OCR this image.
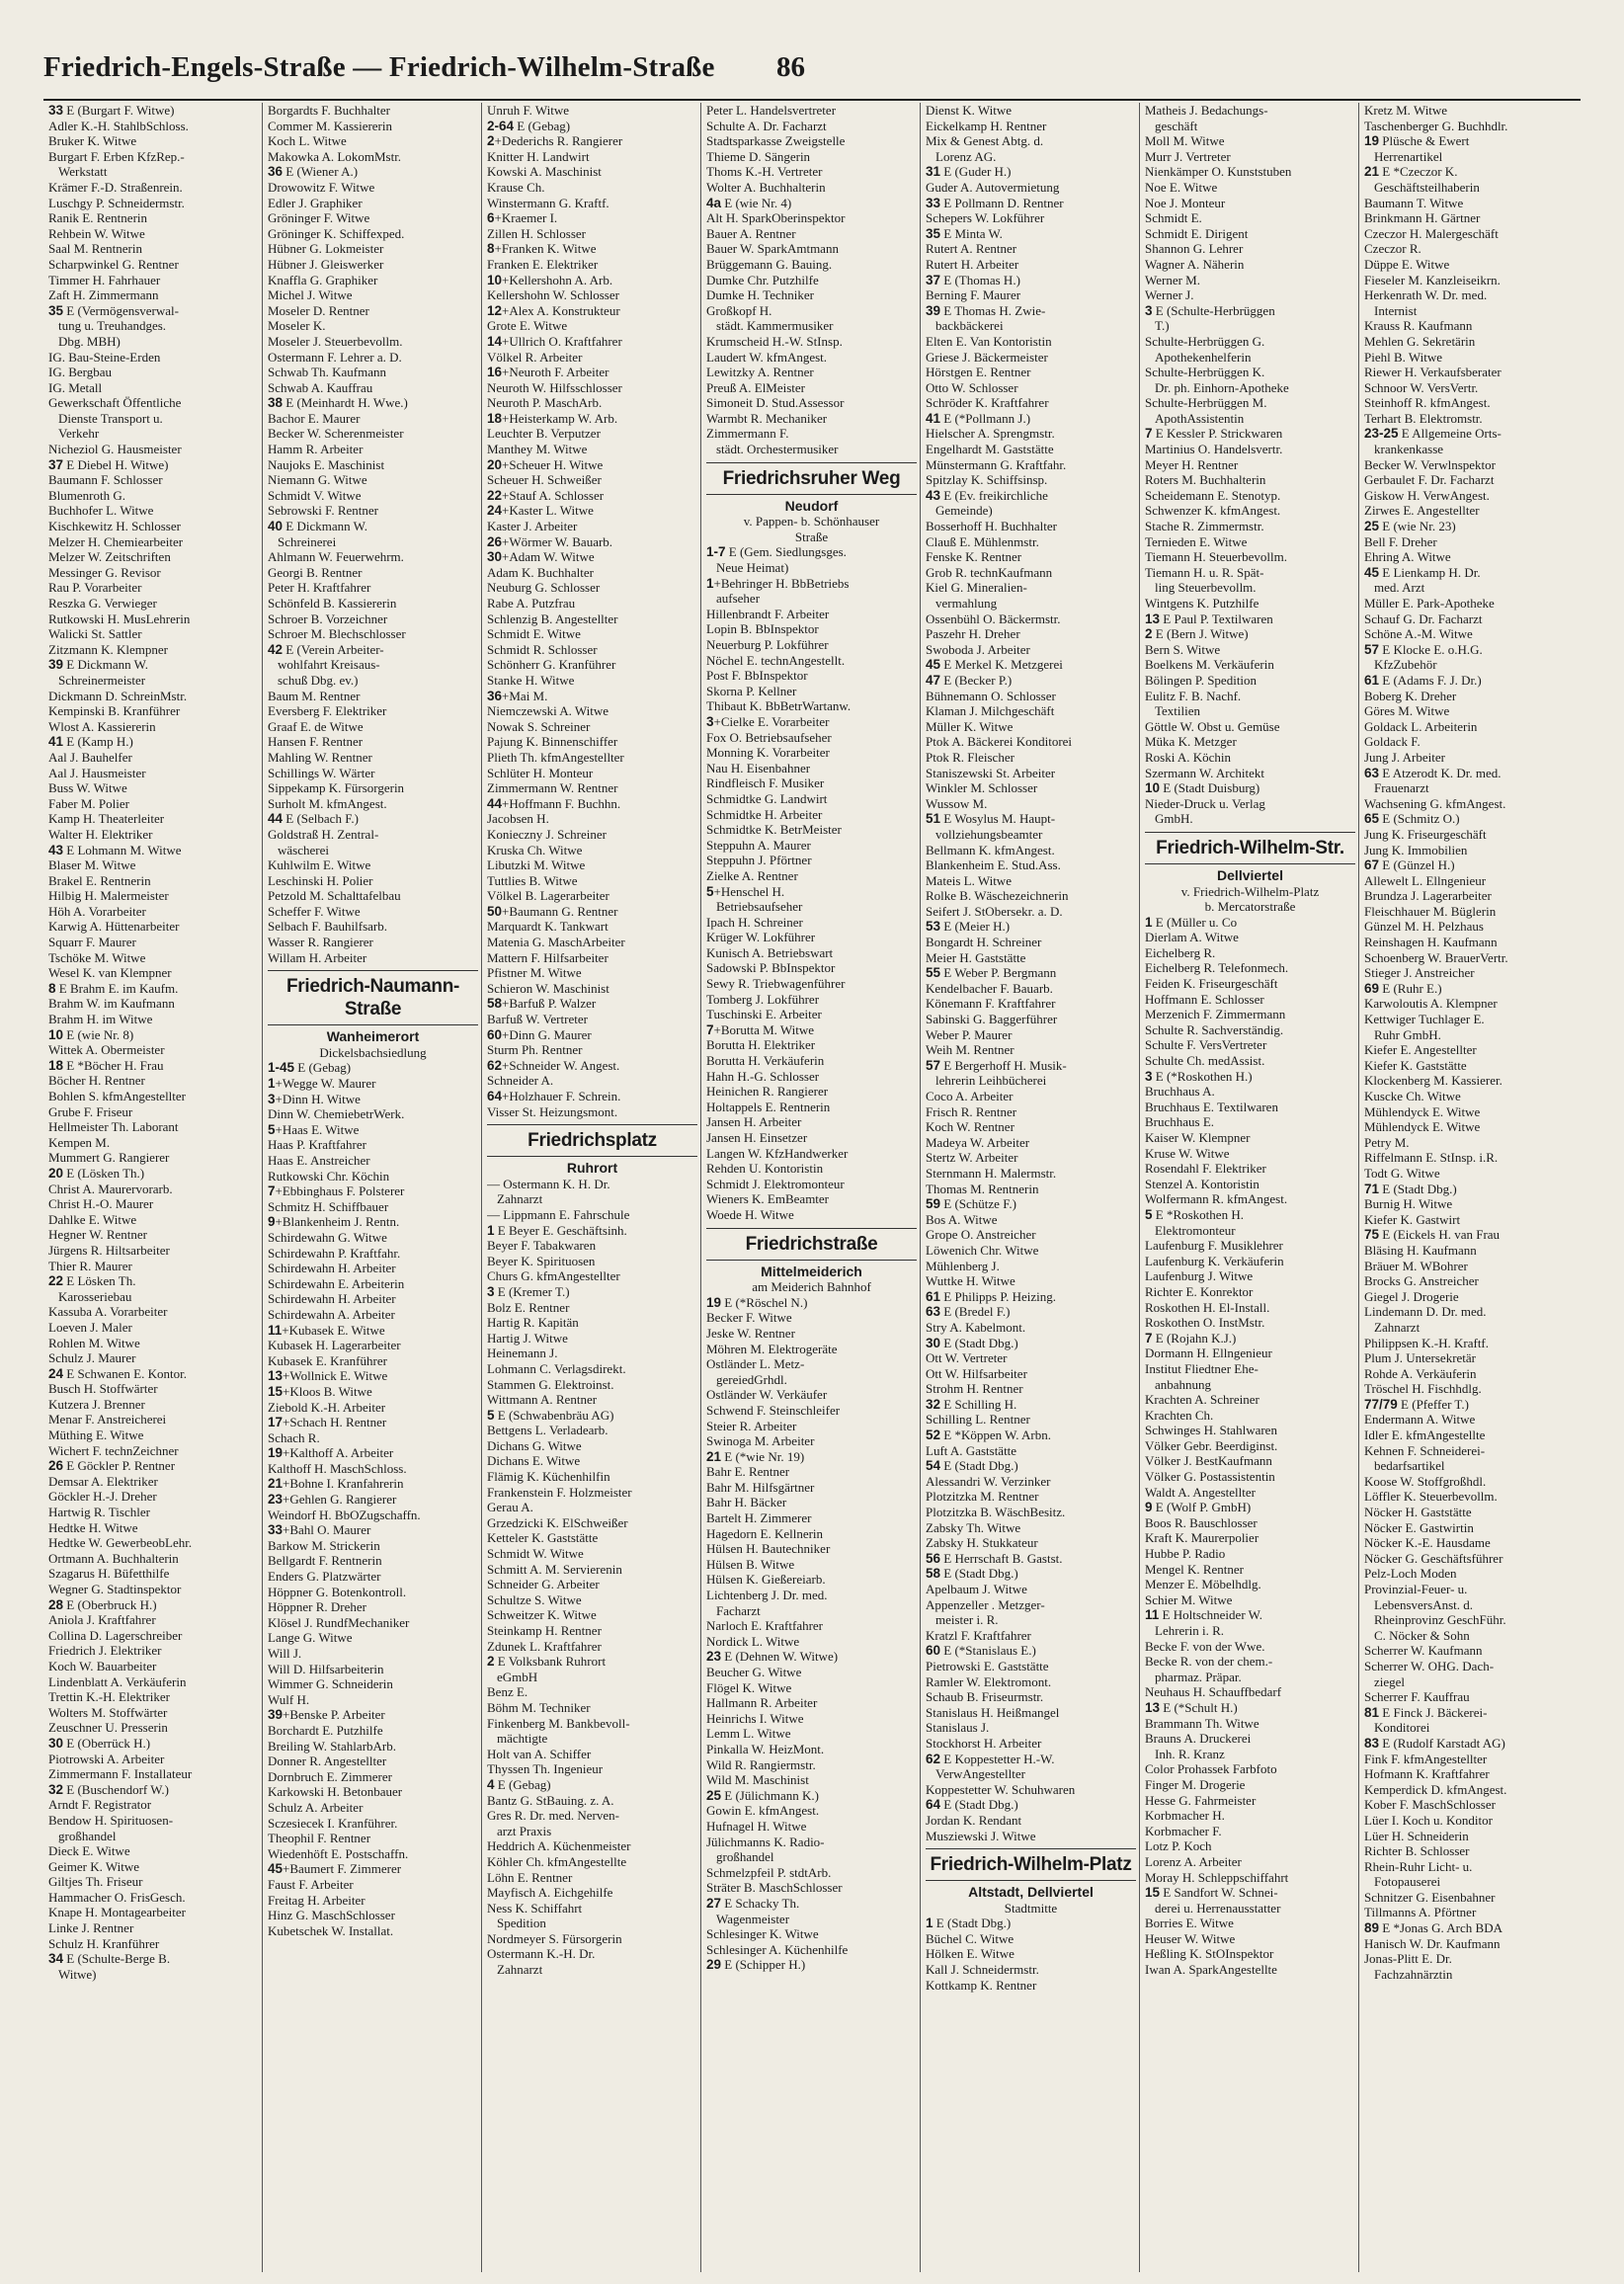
Friedrich-Engels-Straße — Friedrich-Wilhelm-Straße 86
33 E (Burgart F. Witwe)
Adler K.-H. StahlbSchloss.
Bruker K. Witwe
Burgart F. Erben KfzRep.-
Werkstatt
Krämer F.-D. Straßenrein.
Luschgy P. Schneidermstr.
Ranik E. Rentnerin
Rehbein W. Witwe
Saal M. Rentnerin
Scharpwinkel G. Rentner
Timmer H. Fahrhauer
Zaft H. Zimmermann
35 E (Vermögensverwal-
tung u. Treuhandges.
Dbg. MBH)
IG. Bau-Steine-Erden
IG. Bergbau
IG. Metall
Gewerkschaft Öffentliche
Dienste Transport u.
Verkehr
Nicheziol G. Hausmeister
37 E Diebel H. Witwe)
Baumann F. Schlosser
Blumenroth G.
Buchhofer L. Witwe
Kischkewitz H. Schlosser
Melzer H. Chemiearbeiter
Melzer W. Zeitschriften
Messinger G. Revisor
Rau P. Vorarbeiter
Reszka G. Verwieger
Rutkowski H. MusLehrerin
Walicki St. Sattler
Zitzmann K. Klempner
39 E Dickmann W.
Schreinermeister
Dickmann D. SchreinMstr.
Kempinski B. Kranführer
Wlost A. Kassiererin
41 E (Kamp H.)
Aal J. Bauhelfer
Aal J. Hausmeister
Buss W. Witwe
Faber M. Polier
Kamp H. Theaterleiter
Walter H. Elektriker
43 E Lohmann M. Witwe
Blaser M. Witwe
Brakel E. Rentnerin
Hilbig H. Malermeister
Höh A. Vorarbeiter
Karwig A. Hüttenarbeiter
Squarr F. Maurer
Tschöke M. Witwe
Wesel K. van Klempner
8 E Brahm E. im Kaufm.
Brahm W. im Kaufmann
Brahm H. im Witwe
10 E (wie Nr. 8)
Wittek A. Obermeister
18 E *Böcher H. Frau
Böcher H. Rentner
Bohlen S. kfmAngestellter
Grube F. Friseur
Hellmeister Th. Laborant
Kempen M.
Mummert G. Rangierer
20 E (Lösken Th.)
Christ A. Maurervorarb.
Christ H.-O. Maurer
Dahlke E. Witwe
Hegner W. Rentner
Jürgens R. Hiltsarbeiter
Thier R. Maurer
22 E Lösken Th.
Karosseriebau
Kassuba A. Vorarbeiter
Loeven J. Maler
Rohlen M. Witwe
Schulz J. Maurer
24 E Schwanen E. Kontor.
Busch H. Stoffwärter
Kutzera J. Brenner
Menar F. Anstreicherei
Müthing E. Witwe
Wichert F. technZeichner
26 E Göckler P. Rentner
Demsar A. Elektriker
Göckler H.-J. Dreher
Hartwig R. Tischler
Hedtke H. Witwe
Hedtke W. GewerbeobLehr.
Ortmann A. Buchhalterin
Szagarus H. Büfetthilfe
Wegner G. Stadtinspektor
28 E (Oberbruck H.)
Aniola J. Kraftfahrer
Collina D. Lagerschreiber
Friedrich J. Elektriker
Koch W. Bauarbeiter
Lindenblatt A. Verkäuferin
Trettin K.-H. Elektriker
Wolters M. Stoffwärter
Zeuschner U. Presserin
30 E (Oberrück H.)
Piotrowski A. Arbeiter
Zimmermann F. Installateur
32 E (Buschendorf W.)
Arndt F. Registrator
Bendow H. Spirituosen-
großhandel
Dieck E. Witwe
Geimer K. Witwe
Giltjes Th. Friseur
Hammacher O. FrisGesch.
Knape H. Montagearbeiter
Linke J. Rentner
Schulz H. Kranführer
34 E (Schulte-Berge B.
Witwe)
Borgardts F. Buchhalter
Commer M. Kassiererin
Koch L. Witwe
Makowka A. LokomMstr.
36 E (Wiener A.)
Drowowitz F. Witwe
Edler J. Graphiker
Gröninger F. Witwe
Gröninger K. Schiffexped.
Hübner G. Lokmeister
Hübner J. Gleiswerker
Knaffla G. Graphiker
Michel J. Witwe
Moseler D. Rentner
Moseler K.
Moseler J. Steuerbevollm.
Ostermann F. Lehrer a. D.
Schwab Th. Kaufmann
Schwab A. Kauffrau
38 E (Meinhardt H. Wwe.)
Bachor E. Maurer
Becker W. Scherenmeister
Hamm R. Arbeiter
Naujoks E. Maschinist
Niemann G. Witwe
Schmidt V. Witwe
Sebrowski F. Rentner
40 E Dickmann W.
Schreinerei
Ahlmann W. Feuerwehrm.
Georgi B. Rentner
Peter H. Kraftfahrer
Schönfeld B. Kassiererin
Schroer B. Vorzeichner
Schroer M. Blechschlosser
42 E (Verein Arbeiter-
wohlfahrt Kreisaus-
schuß Dbg. ev.)
Baum M. Rentner
Eversberg F. Elektriker
Graaf E. de Witwe
Hansen F. Rentner
Mahling W. Rentner
Schillings W. Wärter
Sippekamp K. Fürsorgerin
Surholt M. kfmAngest.
44 E (Selbach F.)
Goldstraß H. Zentral-
wäscherei
Kuhlwilm E. Witwe
Leschinski H. Polier
Petzold M. Schalttafelbau
Scheffer F. Witwe
Selbach F. Bauhilfsarb.
Wasser R. Rangierer
Willam H. Arbeiter
Friedrich-Naumann-
Straße
Wanheimerort
Dickelsbachsiedlung
1-45 E (Gebag)
1+Wegge W. Maurer
3+Dinn H. Witwe
Dinn W. ChemiebetrWerk.
5+Haas E. Witwe
Haas P. Kraftfahrer
Haas E. Anstreicher
Rutkowski Chr. Köchin
7+Ebbinghaus F. Polsterer
Schmitz H. Schiffbauer
9+Blankenheim J. Rentn.
Schirdewahn G. Witwe
Schirdewahn P. Kraftfahr.
Schirdewahn H. Arbeiter
Schirdewahn E. Arbeiterin
Schirdewahn H. Arbeiter
Schirdewahn A. Arbeiter
11+Kubasek E. Witwe
Kubasek H. Lagerarbeiter
Kubasek E. Kranführer
13+Wollnick E. Witwe
15+Kloos B. Witwe
Ziebold K.-H. Arbeiter
17+Schach H. Rentner
Schach R.
19+Kalthoff A. Arbeiter
Kalthoff H. MaschSchloss.
21+Bohne I. Kranfahrerin
23+Gehlen G. Rangierer
Weindorf H. BbOZugschaffn.
33+Bahl O. Maurer
Barkow M. Strickerin
Bellgardt F. Rentnerin
Enders G. Platzwärter
Höppner G. Botenkontroll.
Höppner R. Dreher
Klösel J. RundfMechaniker
Lange G. Witwe
Will J.
Will D. Hilfsarbeiterin
Wimmer G. Schneiderin
Wulf H.
39+Benske P. Arbeiter
Borchardt E. Putzhilfe
Breiling W. StahlarbArb.
Donner R. Angestellter
Dornbruch E. Zimmerer
Karkowski H. Betonbauer
Schulz A. Arbeiter
Sczesiecek I. Kranführer.
Theophil F. Rentner
Wiedenhöft E. Postschaffn.
45+Baumert F. Zimmerer
Faust F. Arbeiter
Freitag H. Arbeiter
Hinz G. MaschSchlosser
Kubetschek W. Installat.
Unruh F. Witwe
2-64 E (Gebag)
2+Dederichs R. Rangierer
Knitter H. Landwirt
Kowski A. Maschinist
Krause Ch.
Winstermann G. Kraftf.
6+Kraemer I.
Zillen H. Schlosser
8+Franken K. Witwe
Franken E. Elektriker
10+Kellershohn A. Arb.
Kellershohn W. Schlosser
12+Alex A. Konstrukteur
Grote E. Witwe
14+Ullrich O. Kraftfahrer
Völkel R. Arbeiter
16+Neuroth F. Arbeiter
Neuroth W. Hilfsschlosser
Neuroth P. MaschArb.
18+Heisterkamp W. Arb.
Leuchter B. Verputzer
Manthey M. Witwe
20+Scheuer H. Witwe
Scheuer H. Schweißer
22+Stauf A. Schlosser
24+Kaster L. Witwe
Kaster J. Arbeiter
26+Wörmer W. Bauarb.
30+Adam W. Witwe
Adam K. Buchhalter
Neuburg G. Schlosser
Rabe A. Putzfrau
Schlenzig B. Angestellter
Schmidt E. Witwe
Schmidt R. Schlosser
Schönherr G. Kranführer
Stanke H. Witwe
36+Mai M.
Niemczewski A. Witwe
Nowak S. Schreiner
Pajung K. Binnenschiffer
Plieth Th. kfmAngestellter
Schlüter H. Monteur
Zimmermann W. Rentner
44+Hoffmann F. Buchhn.
Jacobsen H.
Konieczny J. Schreiner
Kruska Ch. Witwe
Libutzki M. Witwe
Tuttlies B. Witwe
Völkel B. Lagerarbeiter
50+Baumann G. Rentner
Marquardt K. Tankwart
Matenia G. MaschArbeiter
Mattern F. Hilfsarbeiter
Pfistner M. Witwe
Schieron W. Maschinist
58+Barfuß P. Walzer
Barfuß W. Vertreter
60+Dinn G. Maurer
Sturm Ph. Rentner
62+Schneider W. Angest.
Schneider A.
64+Holzhauer F. Schrein.
Visser St. Heizungsmont.
Friedrichsplatz
Ruhrort
— Ostermann K. H. Dr.
Zahnarzt
— Lippmann E. Fahrschule
1 E Beyer E. Geschäftsinh.
Beyer F. Tabakwaren
Beyer K. Spirituosen
Churs G. kfmAngestellter
3 E (Kremer T.)
Bolz E. Rentner
Hartig R. Kapitän
Hartig J. Witwe
Heinemann J.
Lohmann C. Verlagsdirekt.
Stammen G. Elektroinst.
Wittmann A. Rentner
5 E (Schwabenbräu AG)
Bettgens L. Verladearb.
Dichans G. Witwe
Dichans E. Witwe
Flämig K. Küchenhilfin
Frankenstein F. Holzmeister
Gerau A.
Grzedzicki K. ElSchweißer
Ketteler K. Gaststätte
Schmidt W. Witwe
Schmitt A. M. Servierenin
Schneider G. Arbeiter
Schultze S. Witwe
Schweitzer K. Witwe
Steinkamp H. Rentner
Zdunek L. Kraftfahrer
2 E Volksbank Ruhrort
eGmbH
Benz E.
Böhm M. Techniker
Finkenberg M. Bankbevoll-
mächtigte
Holt van A. Schiffer
Thyssen Th. Ingenieur
4 E (Gebag)
Bantz G. StBauing. z. A.
Gres R. Dr. med. Nerven-
arzt Praxis
Heddrich A. Küchenmeister
Köhler Ch. kfmAngestellte
Löhn E. Rentner
Mayfisch A. Eichgehilfe
Ness K. Schiffahrt
Spedition
Nordmeyer S. Fürsorgerin
Ostermann K.-H. Dr.
Zahnarzt
Peter L. Handelsvertreter
Schulte A. Dr. Facharzt
Stadtsparkasse Zweigstelle
Thieme D. Sängerin
Thoms K.-H. Vertreter
Wolter A. Buchhalterin
4a E (wie Nr. 4)
Alt H. SparkOberinspektor
Bauer A. Rentner
Bauer W. SparkAmtmann
Brüggemann G. Bauing.
Dumke Chr. Putzhilfe
Dumke H. Techniker
Großkopf H.
städt. Kammermusiker
Krumscheid H.-W. StInsp.
Laudert W. kfmAngest.
Lewitzky A. Rentner
Preuß A. ElMeister
Simoneit D. Stud.Assessor
Warmbt R. Mechaniker
Zimmermann F.
städt. Orchestermusiker
Friedrichsruher Weg
Neudorf
v. Pappen- b. Schönhauser
Straße
1-7 E (Gem. Siedlungsges.
Neue Heimat)
1+Behringer H. BbBetriebs
aufseher
Hillenbrandt F. Arbeiter
Lopin B. BbInspektor
Neuerburg P. Lokführer
Nöchel E. technAngestellt.
Post F. BbInspektor
Skorna P. Kellner
Thibaut K. BbBetrWartanw.
3+Cielke E. Vorarbeiter
Fox O. Betriebsaufseher
Monning K. Vorarbeiter
Nau H. Eisenbahner
Rindfleisch F. Musiker
Schmidtke G. Landwirt
Schmidtke H. Arbeiter
Schmidtke K. BetrMeister
Steppuhn A. Maurer
Steppuhn J. Pförtner
Zielke A. Rentner
5+Henschel H.
Betriebsaufseher
Ipach H. Schreiner
Krüger W. Lokführer
Kunisch A. Betriebswart
Sadowski P. BbInspektor
Sewy R. Triebwagenführer
Tomberg J. Lokführer
Tuschinski E. Arbeiter
7+Borutta M. Witwe
Borutta H. Elektriker
Borutta H. Verkäuferin
Hahn H.-G. Schlosser
Heinichen R. Rangierer
Holtappels E. Rentnerin
Jansen H. Arbeiter
Jansen H. Einsetzer
Langen W. KfzHandwerker
Rehden U. Kontoristin
Schmidt J. Elektromonteur
Wieners K. EmBeamter
Woede H. Witwe
Friedrichstraße
Mittelmeiderich
am Meiderich Bahnhof
19 E (*Röschel N.)
Becker F. Witwe
Jeske W. Rentner
Möhren M. Elektrogeräte
Ostländer L. Metz-
gereiedGrhdl.
Ostländer W. Verkäufer
Schwend F. Steinschleifer
Steier R. Arbeiter
Swinoga M. Arbeiter
21 E (*wie Nr. 19)
Bahr E. Rentner
Bahr M. Hilfsgärtner
Bahr H. Bäcker
Bartelt H. Zimmerer
Hagedorn E. Kellnerin
Hülsen H. Bautechniker
Hülsen B. Witwe
Hülsen K. Gießereiarb.
Lichtenberg J. Dr. med.
Facharzt
Narloch E. Kraftfahrer
Nordick L. Witwe
23 E (Dehnen W. Witwe)
Beucher G. Witwe
Flögel K. Witwe
Hallmann R. Arbeiter
Heinrichs I. Witwe
Lemm L. Witwe
Pinkalla W. HeizMont.
Wild R. Rangiermstr.
Wild M. Maschinist
25 E (Jülichmann K.)
Gowin E. kfmAngest.
Hufnagel H. Witwe
Jülichmanns K. Radio-
großhandel
Schmelzpfeil P. stdtArb.
Sträter B. MaschSchlosser
27 E Schacky Th.
Wagenmeister
Schlesinger K. Witwe
Schlesinger A. Küchenhilfe
29 E (Schipper H.)
Dienst K. Witwe
Eickelkamp H. Rentner
Mix & Genest Abtg. d.
Lorenz AG.
31 E (Guder H.)
Guder A. Autovermietung
33 E Pollmann D. Rentner
Schepers W. Lokführer
35 E Minta W.
Rutert A. Rentner
Rutert H. Arbeiter
37 E (Thomas H.)
Berning F. Maurer
39 E Thomas H. Zwie-
backbäckerei
Elten E. Van Kontoristin
Griese J. Bäckermeister
Hörstgen E. Rentner
Otto W. Schlosser
Schröder K. Kraftfahrer
41 E (*Pollmann J.)
Hielscher A. Sprengmstr.
Engelhardt M. Gaststätte
Münstermann G. Kraftfahr.
Spitzlay K. Schiffsinsp.
43 E (Ev. freikirchliche
Gemeinde)
Bosserhoff H. Buchhalter
Clauß E. Mühlenmstr.
Fenske K. Rentner
Grob R. technKaufmann
Kiel G. Mineralien-
vermahlung
Ossenbühl O. Bäckermstr.
Paszehr H. Dreher
Swoboda J. Arbeiter
45 E Merkel K. Metzgerei
47 E (Becker P.)
Bühnemann O. Schlosser
Klaman J. Milchgeschäft
Müller K. Witwe
Ptok A. Bäckerei Konditorei
Ptok R. Fleischer
Staniszewski St. Arbeiter
Winkler M. Schlosser
Wussow M.
51 E Wosylus M. Haupt-
vollziehungsbeamter
Bellmann K. kfmAngest.
Blankenheim E. Stud.Ass.
Mateis L. Witwe
Rolke B. Wäschezeichnerin
Seifert J. StObersekr. a. D.
53 E (Meier H.)
Bongardt H. Schreiner
Meier H. Gaststätte
55 E Weber P. Bergmann
Kendelbacher F. Bauarb.
Könemann F. Kraftfahrer
Sabinski G. Baggerführer
Weber P. Maurer
Weih M. Rentner
57 E Bergerhoff H. Musik-
lehrerin Leihbücherei
Coco A. Arbeiter
Frisch R. Rentner
Koch W. Rentner
Madeya W. Arbeiter
Stertz W. Arbeiter
Sternmann H. Malermstr.
Thomas M. Rentnerin
59 E (Schütze F.)
Bos A. Witwe
Grope O. Anstreicher
Löwenich Chr. Witwe
Mühlenberg J.
Wuttke H. Witwe
61 E Philipps P. Heizing.
63 E (Bredel F.)
Stry A. Kabelmont.
30 E (Stadt Dbg.)
Ott W. Vertreter
Ott W. Hilfsarbeiter
Strohm H. Rentner
32 E Schilling H.
Schilling L. Rentner
52 E *Köppen W. Arbn.
Luft A. Gaststätte
54 E (Stadt Dbg.)
Alessandri W. Verzinker
Plotzitzka M. Rentner
Plotzitzka B. WäschBesitz.
Zabsky Th. Witwe
Zabsky H. Stukkateur
56 E Herrschaft B. Gastst.
58 E (Stadt Dbg.)
Apelbaum J. Witwe
Appenzeller . Metzger-
meister i. R.
Kratzl F. Kraftfahrer
60 E (*Stanislaus E.)
Pietrowski E. Gaststätte
Ramler W. Elektromont.
Schaub B. Friseurmstr.
Stanislaus H. Heißmangel
Stanislaus J.
Stockhorst H. Arbeiter
62 E Koppestetter H.-W.
VerwAngestellter
Koppestetter W. Schuhwaren
64 E (Stadt Dbg.)
Jordan K. Rendant
Musziewski J. Witwe
Friedrich-Wilhelm-Platz
Altstadt, Dellviertel
Stadtmitte
1 E (Stadt Dbg.)
Büchel C. Witwe
Hölken E. Witwe
Kall J. Schneidermstr.
Kottkamp K. Rentner
Matheis J. Bedachungs-
geschäft
Moll M. Witwe
Murr J. Vertreter
Nienkämper O. Kunststuben
Noe E. Witwe
Noe J. Monteur
Schmidt E.
Schmidt E. Dirigent
Shannon G. Lehrer
Wagner A. Näherin
Werner M.
Werner J.
3 E (Schulte-Herbrüggen
T.)
Schulte-Herbrüggen G.
Apothekenhelferin
Schulte-Herbrüggen K.
Dr. ph. Einhorn-Apotheke
Schulte-Herbrüggen M.
ApothAssistentin
7 E Kessler P. Strickwaren
Martinius O. Handelsvertr.
Meyer H. Rentner
Roters M. Buchhalterin
Scheidemann E. Stenotyp.
Schwenzer K. kfmAngest.
Stache R. Zimmermstr.
Ternieden E. Witwe
Tiemann H. Steuerbevollm.
Tiemann H. u. R. Spät-
ling Steuerbevollm.
Wintgens K. Putzhilfe
13 E Paul P. Textilwaren
2 E (Bern J. Witwe)
Bern S. Witwe
Boelkens M. Verkäuferin
Bölingen P. Spedition
Eulitz F. B. Nachf.
Textilien
Göttle W. Obst u. Gemüse
Müka K. Metzger
Roski A. Köchin
Szermann W. Architekt
10 E (Stadt Duisburg)
Nieder-Druck u. Verlag
GmbH.
Friedrich-Wilhelm-Str.
Dellviertel
v. Friedrich-Wilhelm-Platz
b. Mercatorstraße
1 E (Müller u. Co
Dierlam A. Witwe
Eichelberg R.
Eichelberg R. Telefonmech.
Feiden K. Friseurgeschäft
Hoffmann E. Schlosser
Merzenich F. Zimmermann
Schulte R. Sachverständig.
Schulte F. VersVertreter
Schulte Ch. medAssist.
3 E (*Roskothen H.)
Bruchhaus A.
Bruchhaus E. Textilwaren
Bruchhaus E.
Kaiser W. Klempner
Kruse W. Witwe
Rosendahl F. Elektriker
Stenzel A. Kontoristin
Wolfermann R. kfmAngest.
5 E *Roskothen H.
Elektromonteur
Laufenburg F. Musiklehrer
Laufenburg K. Verkäuferin
Laufenburg J. Witwe
Richter E. Konrektor
Roskothen H. El-Install.
Roskothen O. InstMstr.
7 E (Rojahn K.J.)
Dormann H. Ellngenieur
Institut Fliedtner Ehe-
anbahnung
Krachten A. Schreiner
Krachten Ch.
Schwinges H. Stahlwaren
Völker Gebr. Beerdiginst.
Völker J. BestKaufmann
Völker G. Postassistentin
Waldt A. Angestellter
9 E (Wolf P. GmbH)
Boos R. Bauschlosser
Kraft K. Maurerpolier
Hubbe P. Radio
Mengel K. Rentner
Menzer E. Möbelhdlg.
Schier M. Witwe
11 E Holtschneider W.
Lehrerin i. R.
Becke F. von der Wwe.
Becke R. von der chem.-
pharmaz. Präpar.
Neuhaus H. Schauffbedarf
13 E (*Schult H.)
Brammann Th. Witwe
Brauns A. Druckerei
Inh. R. Kranz
Color Prohassek Farbfoto
Finger M. Drogerie
Hesse G. Fahrmeister
Korbmacher H.
Korbmacher F.
Lotz P. Koch
Lorenz A. Arbeiter
Moray H. Schleppschiffahrt
15 E Sandfort W. Schnei-
derei u. Herrenausstatter
Borries E. Witwe
Heuser W. Witwe
Heßling K. StOInspektor
Iwan A. SparkAngestellte
Kretz M. Witwe
Taschenberger G. Buchhdlr.
19 Plüsche & Ewert
Herrenartikel
21 E *Czeczor K.
Geschäftsteilhaberin
Baumann T. Witwe
Brinkmann H. Gärtner
Czeczor H. Malergeschäft
Czeczor R.
Düppe E. Witwe
Fieseler M. Kanzleiseikrn.
Herkenrath W. Dr. med.
Internist
Krauss R. Kaufmann
Mehlen G. Sekretärin
Piehl B. Witwe
Riewer H. Verkaufsberater
Schnoor W. VersVertr.
Steinhoff R. kfmAngest.
Terhart B. Elektromstr.
23-25 E Allgemeine Orts-
krankenkasse
Becker W. Verwlnspektor
Gerbaulet F. Dr. Facharzt
Giskow H. VerwAngest.
Zirwes E. Angestellter
25 E (wie Nr. 23)
Bell F. Dreher
Ehring A. Witwe
45 E Lienkamp H. Dr.
med. Arzt
Müller E. Park-Apotheke
Schauf G. Dr. Facharzt
Schöne A.-M. Witwe
57 E Klocke E. o.H.G.
KfzZubehör
61 E (Adams F. J. Dr.)
Boberg K. Dreher
Göres M. Witwe
Goldack L. Arbeiterin
Goldack F.
Jung J. Arbeiter
63 E Atzerodt K. Dr. med.
Frauenarzt
Wachsening G. kfmAngest.
65 E (Schmitz O.)
Jung K. Friseurgeschäft
Jung K. Immobilien
67 E (Günzel H.)
Allewelt L. Ellngenieur
Brundza J. Lagerarbeiter
Fleischhauer M. Büglerin
Günzel M. H. Pelzhaus
Reinshagen H. Kaufmann
Schoenberg W. BrauerVertr.
Stieger J. Anstreicher
69 E (Ruhr E.)
Karwoloutis A. Klempner
Kettwiger Tuchlager E.
Ruhr GmbH.
Kiefer E. Angestellter
Kiefer K. Gaststätte
Klockenberg M. Kassierer.
Kuscke Ch. Witwe
Mühlendyck E. Witwe
Mühlendyck E. Witwe
Petry M.
Riffelmann E. StInsp. i.R.
Todt G. Witwe
71 E (Stadt Dbg.)
Burnig H. Witwe
Kiefer K. Gastwirt
75 E (Eickels H. van Frau
Bläsing H. Kaufmann
Bräuer M. WBohrer
Brocks G. Anstreicher
Giegel J. Drogerie
Lindemann D. Dr. med.
Zahnarzt
Philippsen K.-H. Kraftf.
Plum J. Untersekretär
Rohde A. Verkäuferin
Tröschel H. Fischhdlg.
77/79 E (Pfeffer T.)
Endermann A. Witwe
Idler E. kfmAngestellte
Kehnen F. Schneiderei-
bedarfsartikel
Koose W. Stoffgroßhdl.
Löffler K. Steuerbevollm.
Nöcker H. Gaststätte
Nöcker E. Gastwirtin
Nöcker K.-E. Hausdame
Nöcker G. Geschäftsführer
Pelz-Loch Moden
Provinzial-Feuer- u.
LebensversAnst. d.
Rheinprovinz GeschFühr.
C. Nöcker & Sohn
Scherrer W. Kaufmann
Scherrer W. OHG. Dach-
ziegel
Scherrer F. Kauffrau
81 E Finck J. Bäckerei-
Konditorei
83 E (Rudolf Karstadt AG)
Fink F. kfmAngestellter
Hofmann K. Kraftfahrer
Kemperdick D. kfmAngest.
Kober F. MaschSchlosser
Lüer I. Koch u. Konditor
Lüer H. Schneiderin
Richter B. Schlosser
Rhein-Ruhr Licht- u.
Fotopauserei
Schnitzer G. Eisenbahner
Tillmanns A. Pförtner
89 E *Jonas G. Arch BDA
Hanisch W. Dr. Kaufmann
Jonas-Plitt E. Dr.
Fachzahnärztin
